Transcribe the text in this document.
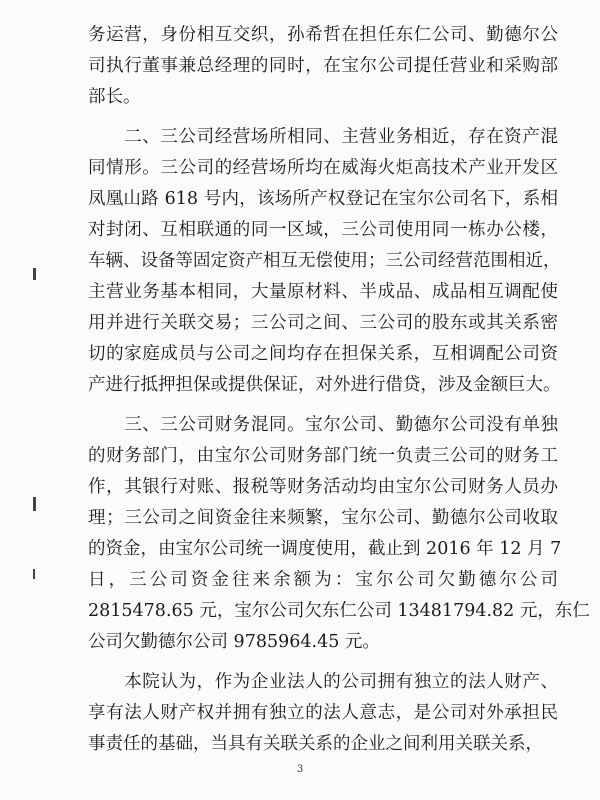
务运营，身份相互交织，孙希哲在担任东仁公司、勤德尔公
司执行董事兼总经理的同时，在宝尔公司提任营业和采购部
部长。
　　二、三公司经营场所相同、主营业务相近，存在资产混
同情形。三公司的经营场所均在威海火炬高技术产业开发区
凤凰山路 618 号内，该场所产权登记在宝尔公司名下，系相
对封闭、互相联通的同一区域，三公司使用同一栋办公楼，
车辆、设备等固定资产相互无偿使用；三公司经营范围相近，
主营业务基本相同，大量原材料、半成品、成品相互调配使
用并进行关联交易；三公司之间、三公司的股东或其关系密
切的家庭成员与公司之间均存在担保关系，互相调配公司资
产进行抵押担保或提供保证，对外进行借贷，涉及金额巨大。
　　三、三公司财务混同。宝尔公司、勤德尔公司没有单独
的财务部门，由宝尔公司财务部门统一负责三公司的财务工
作，其银行对账、报税等财务活动均由宝尔公司财务人员办
理；三公司之间资金往来频繁，宝尔公司、勤德尔公司收取
的资金，由宝尔公司统一调度使用，截止到 2016 年 12 月 7
日，三公司资金往来余额为：宝尔公司欠勤德尔公司
2815478.65 元，宝尔公司欠东仁公司 13481794.82 元，东仁
公司欠勤德尔公司 9785964.45 元。
　　本院认为，作为企业法人的公司拥有独立的法人财产、
享有法人财产权并拥有独立的法人意志，是公司对外承担民
事责任的基础，当具有关联关系的企业之间利用关联关系，
3
